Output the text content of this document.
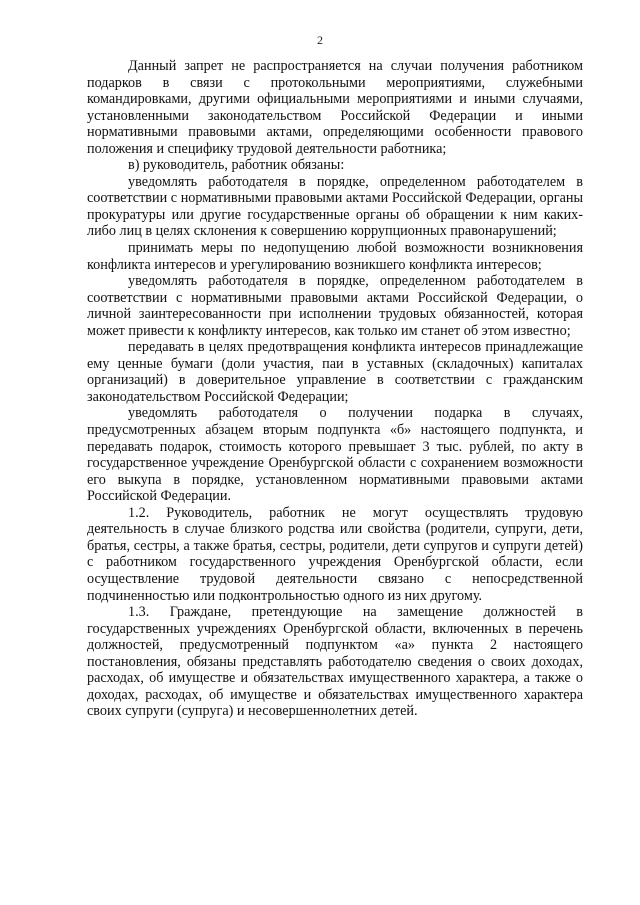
2

Данный запрет не распространяется на случаи получения работником подарков в связи с протокольными мероприятиями, служебными командировками, другими официальными мероприятиями и иными случаями, установленными законодательством Российской Федерации и иными нормативными правовыми актами, определяющими особенности правового положения и специфику трудовой деятельности работника;

в) руководитель, работник обязаны:

уведомлять работодателя в порядке, определенном работодателем в соответствии с нормативными правовыми актами Российской Федерации, органы прокуратуры или другие государственные органы об обращении к ним каких-либо лиц в целях склонения к совершению коррупционных правонарушений;

принимать меры по недопущению любой возможности возникновения конфликта интересов и урегулированию возникшего конфликта интересов;

уведомлять работодателя в порядке, определенном работодателем в соответствии с нормативными правовыми актами Российской Федерации, о личной заинтересованности при исполнении трудовых обязанностей, которая может привести к конфликту интересов, как только им станет об этом известно;

передавать в целях предотвращения конфликта интересов принадлежащие ему ценные бумаги (доли участия, паи в уставных (складочных) капиталах организаций) в доверительное управление в соответствии с гражданским законодательством Российской Федерации;

уведомлять работодателя о получении подарка в случаях, предусмотренных абзацем вторым подпункта «б» настоящего подпункта, и передавать подарок, стоимость которого превышает 3 тыс. рублей, по акту в государственное учреждение Оренбургской области с сохранением возможности его выкупа в порядке, установленном нормативными правовыми актами Российской Федерации.

1.2. Руководитель, работник не могут осуществлять трудовую деятельность в случае близкого родства или свойства (родители, супруги, дети, братья, сестры, а также братья, сестры, родители, дети супругов и супруги детей) с работником государственного учреждения Оренбургской области, если осуществление трудовой деятельности связано с непосредственной подчиненностью или подконтрольностью одного из них другому.

1.3. Граждане, претендующие на замещение должностей в государственных учреждениях Оренбургской области, включенных в перечень должностей, предусмотренный подпунктом «а» пункта 2 настоящего постановления, обязаны представлять работодателю сведения о своих доходах, расходах, об имуществе и обязательствах имущественного характера, а также о доходах, расходах, об имуществе и обязательствах имущественного характера своих супруги (супруга) и несовершеннолетних детей.
